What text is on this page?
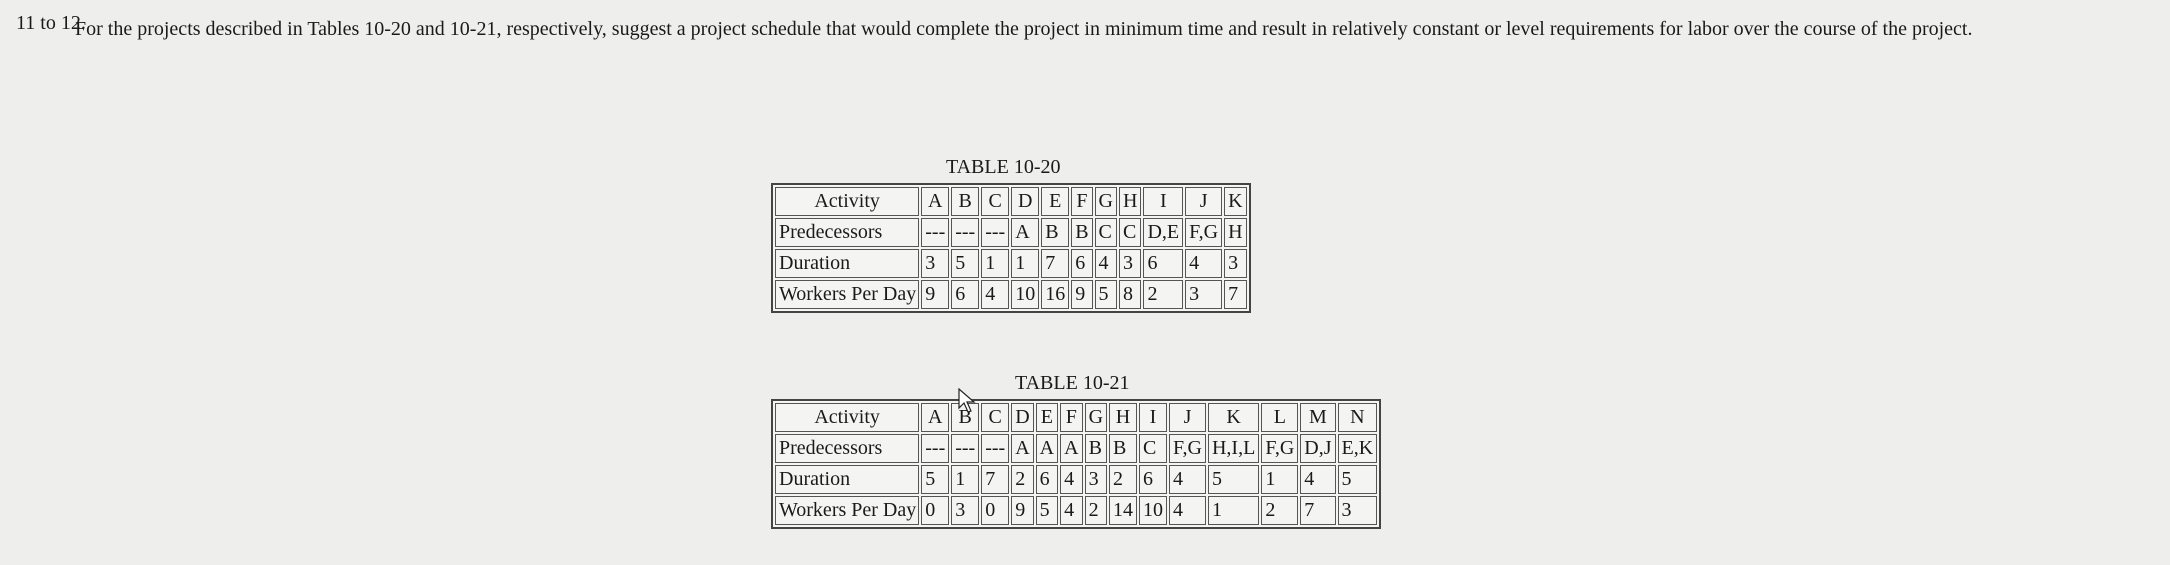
11 to 12.
For the projects described in Tables 10-20 and 10-21, respectively, suggest a project schedule that would complete the project in minimum time and result in relatively constant or level requirements for labor over the course of the project.
TABLE 10-20
Activity	A	B	C	D	E	F	G	H	I	J	K
Predecessors	---	---	---	A	B	B	C	C	D,E	F,G	H
Duration	3	5	1	1	7	6	4	3	6	4	3
Workers Per Day	9	6	4	10	16	9	5	8	2	3	7
TABLE 10-21
Activity	A	B	C	D	E	F	G	H	I	J	K	L	M	N
Predecessors	---	---	---	A	A	A	B	B	C	F,G	H,I,L	F,G	D,J	E,K
Duration	5	1	7	2	6	4	3	2	6	4	5	1	4	5
Workers Per Day	0	3	0	9	5	4	2	14	10	4	1	2	7	3
